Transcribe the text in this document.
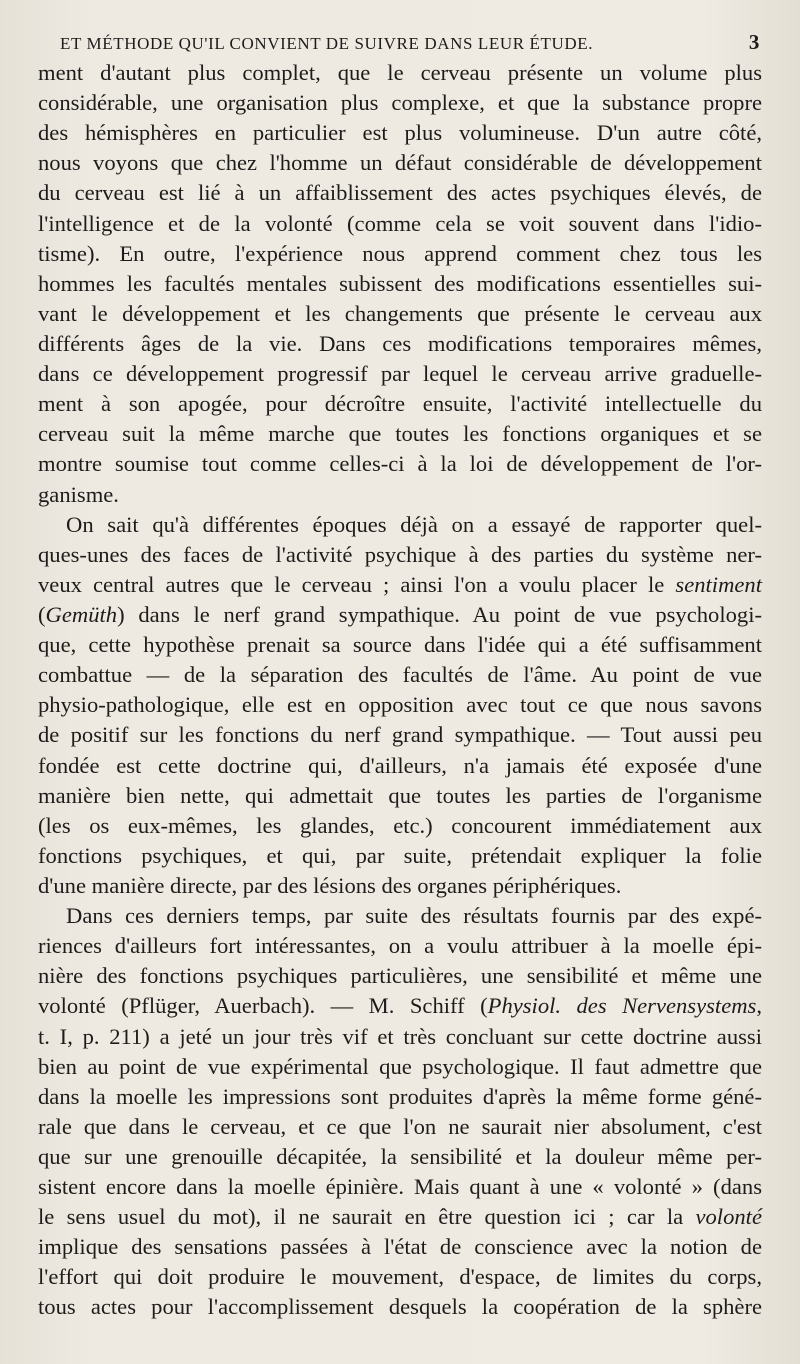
ET MÉTHODE QU'IL CONVIENT DE SUIVRE DANS LEUR ÉTUDE.	3
ment d'autant plus complet, que le cerveau présente un volume plus
considérable, une organisation plus complexe, et que la substance propre
des hémisphères en particulier est plus volumineuse. D'un autre côté,
nous voyons que chez l'homme un défaut considérable de développement
du cerveau est lié à un affaiblissement des actes psychiques élevés, de
l'intelligence et de la volonté (comme cela se voit souvent dans l'idio-
tisme). En outre, l'expérience nous apprend comment chez tous les
hommes les facultés mentales subissent des modifications essentielles sui-
vant le développement et les changements que présente le cerveau aux
différents âges de la vie. Dans ces modifications temporaires mêmes,
dans ce développement progressif par lequel le cerveau arrive graduelle-
ment à son apogée, pour décroître ensuite, l'activité intellectuelle du
cerveau suit la même marche que toutes les fonctions organiques et se
montre soumise tout comme celles-ci à la loi de développement de l'or-
ganisme.
On sait qu'à différentes époques déjà on a essayé de rapporter quel-
ques-unes des faces de l'activité psychique à des parties du système ner-
veux central autres que le cerveau ; ainsi l'on a voulu placer le sentiment
(Gemüth) dans le nerf grand sympathique. Au point de vue psychologi-
que, cette hypothèse prenait sa source dans l'idée qui a été suffisamment
combattue — de la séparation des facultés de l'âme. Au point de vue
physio-pathologique, elle est en opposition avec tout ce que nous savons
de positif sur les fonctions du nerf grand sympathique. — Tout aussi peu
fondée est cette doctrine qui, d'ailleurs, n'a jamais été exposée d'une
manière bien nette, qui admettait que toutes les parties de l'organisme
(les os eux-mêmes, les glandes, etc.) concourent immédiatement aux
fonctions psychiques, et qui, par suite, prétendait expliquer la folie
d'une manière directe, par des lésions des organes périphériques.
Dans ces derniers temps, par suite des résultats fournis par des expé-
riences d'ailleurs fort intéressantes, on a voulu attribuer à la moelle épi-
nière des fonctions psychiques particulières, une sensibilité et même une
volonté (Pflüger, Auerbach). — M. Schiff (Physiol. des Nervensystems,
t. I, p. 211) a jeté un jour très vif et très concluant sur cette doctrine aussi
bien au point de vue expérimental que psychologique. Il faut admettre que
dans la moelle les impressions sont produites d'après la même forme géné-
rale que dans le cerveau, et ce que l'on ne saurait nier absolument, c'est
que sur une grenouille décapitée, la sensibilité et la douleur même per-
sistent encore dans la moelle épinière. Mais quant à une « volonté » (dans
le sens usuel du mot), il ne saurait en être question ici ; car la volonté
implique des sensations passées à l'état de conscience avec la notion de
l'effort qui doit produire le mouvement, d'espace, de limites du corps,
tous actes pour l'accomplissement desquels la coopération de la sphère
